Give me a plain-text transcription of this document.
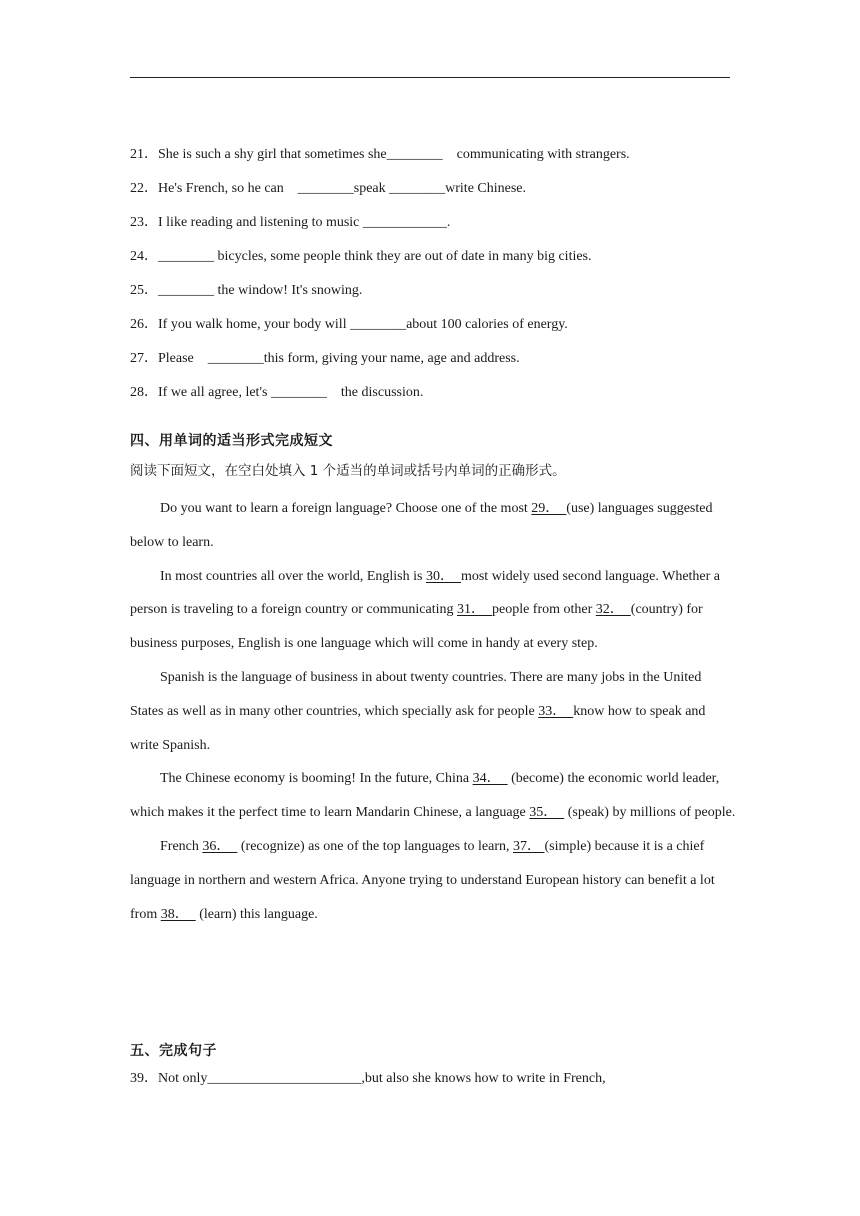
21．She is such a shy girl that sometimes she________    communicating with strangers.
22．He's French, so he can    ________speak ________write Chinese.
23．I like reading and listening to music ____________.
24．________ bicycles, some people think they are out of date in many big cities.
25．________ the window! It's snowing.
26．If you walk home, your body will ________about 100 calories of energy.
27．Please    ________this form, giving your name, age and address.
28．If we all agree, let's ________    the discussion.
四、用单词的适当形式完成短文
阅读下面短文，在空白处填入 1 个适当的单词或括号内单词的正确形式。

Do you want to learn a foreign language? Choose one of the most 29．  (use) languages suggested below to learn.

In most countries all over the world, English is 30．  most widely used second language. Whether a person is traveling to a foreign country or communicating 31．  people from other 32．  (country) for business purposes, English is one language which will come in handy at every step.

Spanish is the language of business in about twenty countries. There are many jobs in the United States as well as in many other countries, which specially ask for people 33．  know how to speak and write Spanish.

The Chinese economy is booming! In the future, China 34．   (become) the economic world leader, which makes it the perfect time to learn Mandarin Chinese, a language 35．   (speak) by millions of people.

French 36．   (recognize) as one of the top languages to learn, 37． (simple) because it is a chief language in northern and western Africa. Anyone trying to understand European history can benefit a lot from 38．   (learn) this language.

五、完成句子
39．Not only______________________,but also she knows how to write in French,
